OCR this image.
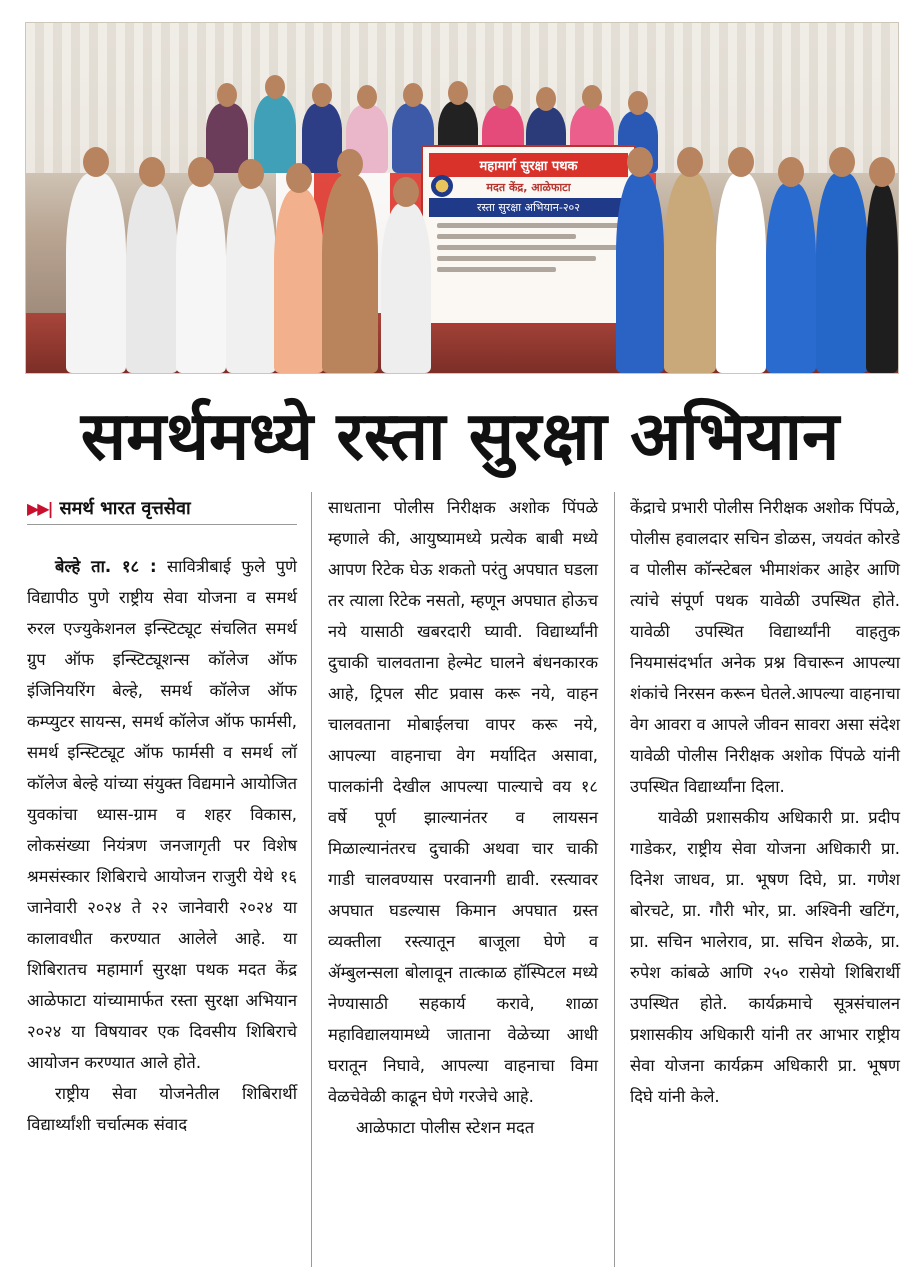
महामार्ग सुरक्षा पथक
मदत केंद्र, आळेफाटा
रस्ता सुरक्षा अभियान-२०२
समर्थमध्ये रस्ता सुरक्षा अभियान
▶▶| समर्थ भारत वृत्तसेवा

बेल्हे ता. १८ : सावित्रीबाई फुले पुणे विद्यापीठ पुणे राष्ट्रीय सेवा योजना व समर्थ रुरल एज्युकेशनल इन्स्टिट्यूट संचलित समर्थ ग्रुप ऑफ इन्स्टिट्यूशन्स कॉलेज ऑफ इंजिनियरिंग बेल्हे, समर्थ कॉलेज ऑफ कम्प्युटर सायन्स, समर्थ कॉलेज ऑफ फार्मसी, समर्थ इन्स्टिट्यूट ऑफ फार्मसी व समर्थ लॉ कॉलेज बेल्हे यांच्या संयुक्त विद्यमाने आयोजित युवकांचा ध्यास-ग्राम व शहर विकास, लोकसंख्या नियंत्रण जनजागृती पर विशेष श्रमसंस्कार शिबिराचे आयोजन राजुरी येथे १६ जानेवारी २०२४ ते २२ जानेवारी २०२४ या कालावधीत करण्यात आलेले आहे. या शिबिरातच महामार्ग सुरक्षा पथक मदत केंद्र आळेफाटा यांच्यामार्फत रस्ता सुरक्षा अभियान २०२४ या विषयावर एक दिवसीय शिबिराचे आयोजन करण्यात आले होते.

राष्ट्रीय सेवा योजनेतील शिबिरार्थी विद्यार्थ्यांशी चर्चात्मक संवाद

साधताना पोलीस निरीक्षक अशोक पिंपळे म्हणाले की, आयुष्यामध्ये प्रत्येक बाबी मध्ये आपण रिटेक घेऊ शकतो परंतु अपघात घडला तर त्याला रिटेक नसतो, म्हणून अपघात होऊच नये यासाठी खबरदारी घ्यावी. विद्यार्थ्यांनी दुचाकी चालवताना हेल्मेट घालने बंधनकारक आहे, ट्रिपल सीट प्रवास करू नये, वाहन चालवताना मोबाईलचा वापर करू नये, आपल्या वाहनाचा वेग मर्यादित असावा, पालकांनी देखील आपल्या पाल्याचे वय १८ वर्षे पूर्ण झाल्यानंतर व लायसन मिळाल्यानंतरच दुचाकी अथवा चार चाकी गाडी चालवण्यास परवानगी द्यावी. रस्त्यावर अपघात घडल्यास किमान अपघात ग्रस्त व्यक्तीला रस्त्यातून बाजूला घेणे व ॲम्बुलन्सला बोलावून तात्काळ हॉस्पिटल मध्ये नेण्यासाठी सहकार्य करावे, शाळा महाविद्यालयामध्ये जाताना वेळेच्या आधी घरातून निघावे, आपल्या वाहनाचा विमा वेळचेवेळी काढून घेणे गरजेचे आहे.

आळेफाटा पोलीस स्टेशन मदत

केंद्राचे प्रभारी पोलीस निरीक्षक अशोक पिंपळे, पोलीस हवालदार सचिन डोळस, जयवंत कोरडे व पोलीस कॉन्स्टेबल भीमाशंकर आहेर आणि त्यांचे संपूर्ण पथक यावेळी उपस्थित होते. यावेळी उपस्थित विद्यार्थ्यांनी वाहतुक नियमासंदर्भात अनेक प्रश्न विचारून आपल्या शंकांचे निरसन करून घेतले.आपल्या वाहनाचा वेग आवरा व आपले जीवन सावरा असा संदेश यावेळी पोलीस निरीक्षक अशोक पिंपळे यांनी उपस्थित विद्यार्थ्यांना दिला.

यावेळी प्रशासकीय अधिकारी प्रा. प्रदीप गाडेकर, राष्ट्रीय सेवा योजना अधिकारी प्रा. दिनेश जाधव, प्रा. भूषण दिघे, प्रा. गणेश बोरचटे, प्रा. गौरी भोर, प्रा. अश्विनी खटिंग, प्रा. सचिन भालेराव, प्रा. सचिन शेळके, प्रा. रुपेश कांबळे आणि २५० रासेयो शिबिरार्थी उपस्थित होते. कार्यक्रमाचे सूत्रसंचालन प्रशासकीय अधिकारी यांनी तर आभार राष्ट्रीय सेवा योजना कार्यक्रम अधिकारी प्रा. भूषण दिघे यांनी केले.
